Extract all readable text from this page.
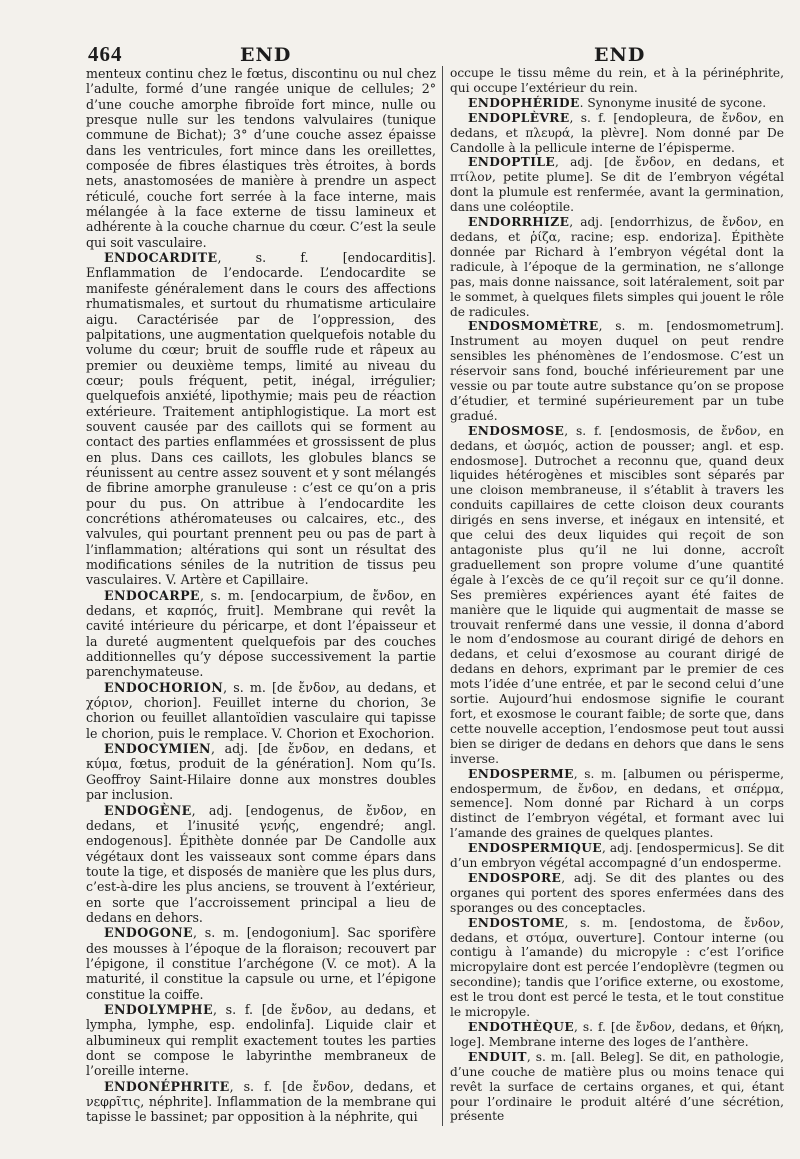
464	END	END

menteux continu chez le fœtus, discontinu ou nul chez l’adulte, formé d’une rangée unique de cellules; 2° d’une couche amorphe fibroïde fort mince, nulle ou presque nulle sur les tendons valvulaires (tunique commune de Bichat); 3° d’une couche assez épaisse dans les ventricules, fort mince dans les oreillettes, composée de fibres élastiques très étroites, à bords nets, anastomosées de manière à prendre un aspect réticulé, couche fort serrée à la face interne, mais mélangée à la face externe de tissu lamineux et adhérente à la couche charnue du cœur. C’est la seule qui soit vasculaire.

ENDOCARDITE, s. f. [endocarditis]. Enflammation de l’endocarde. L’endocardite se manifeste généralement dans le cours des affections rhumatismales, et surtout du rhumatisme articulaire aigu. Caractérisée par de l’oppression, des palpitations, une augmentation quelquefois notable du volume du cœur; bruit de souffle rude et râpeux au premier ou deuxième temps, limité au niveau du cœur; pouls fréquent, petit, inégal, irrégulier; quelquefois anxiété, lipothymie; mais peu de réaction extérieure. Traitement antiphlogistique. La mort est souvent causée par des caillots qui se forment au contact des parties enflammées et grossissent de plus en plus. Dans ces caillots, les globules blancs se réunissent au centre assez souvent et y sont mélangés de fibrine amorphe granuleuse : c’est ce qu’on a pris pour du pus. On attribue à l’endocardite les concrétions athéromateuses ou calcaires, etc., des valvules, qui pourtant prennent peu ou pas de part à l’inflammation; altérations qui sont un résultat des modifications séniles de la nutrition de tissus peu vasculaires. V. Artère et Capillaire.

ENDOCARPE, s. m. [endocarpium, de ἔνδον, en dedans, et καρπός, fruit]. Membrane qui revêt la cavité intérieure du péricarpe, et dont l’épaisseur et la dureté augmentent quelquefois par des couches additionnelles qu’y dépose successivement la partie parenchymateuse.

ENDOCHORION, s. m. [de ἔνδον, au dedans, et χόριον, chorion]. Feuillet interne du chorion, 3e chorion ou feuillet allantoïdien vasculaire qui tapisse le chorion, puis le remplace. V. Chorion et Exochorion.

ENDOCYMIEN, adj. [de ἔνδον, en dedans, et κύμα, fœtus, produit de la génération]. Nom qu’Is. Geoffroy Saint-Hilaire donne aux monstres doubles par inclusion.

ENDOGÈNE, adj. [endogenus, de ἔνδον, en dedans, et l’inusité γενής, engendré; angl. endogenous]. Épithète donnée par De Candolle aux végétaux dont les vaisseaux sont comme épars dans toute la tige, et disposés de manière que les plus durs, c’est-à-dire les plus anciens, se trouvent à l’extérieur, en sorte que l’accroissement principal a lieu de dedans en dehors.

ENDOGONE, s. m. [endogonium]. Sac sporifère des mousses à l’époque de la floraison; recouvert par l’épigone, il constitue l’archégone (V. ce mot). A la maturité, il constitue la capsule ou urne, et l’épigone constitue la coiffe.

ENDOLYMPHE, s. f. [de ἔνδον, au dedans, et lympha, lymphe, esp. endolinfa]. Liquide clair et albumineux qui remplit exactement toutes les parties dont se compose le labyrinthe membraneux de l’oreille interne.

ENDONÉPHRITE, s. f. [de ἔνδον, dedans, et νεφρῖτις, néphrite]. Inflammation de la membrane qui tapisse le bassinet; par opposition à la néphrite, qui

occupe le tissu même du rein, et à la périnéphrite, qui occupe l’extérieur du rein.

ENDOPHÉRIDE. Synonyme inusité de sycone.

ENDOPLÈVRE, s. f. [endopleura, de ἔνδον, en dedans, et πλευρά, la plèvre]. Nom donné par De Candolle à la pellicule interne de l’épisperme.

ENDOPTILE, adj. [de ἔνδον, en dedans, et πτίλον, petite plume]. Se dit de l’embryon végétal dont la plumule est renfermée, avant la germination, dans une coléoptile.

ENDORRHIZE, adj. [endorrhizus, de ἔνδον, en dedans, et ῥίζα, racine; esp. endoriza]. Épithète donnée par Richard à l’embryon végétal dont la radicule, à l’époque de la germination, ne s’allonge pas, mais donne naissance, soit latéralement, soit par le sommet, à quelques filets simples qui jouent le rôle de radicules.

ENDOSMOMÈTRE, s. m. [endosmometrum]. Instrument au moyen duquel on peut rendre sensibles les phénomènes de l’endosmose. C’est un réservoir sans fond, bouché inférieurement par une vessie ou par toute autre substance qu’on se propose d’étudier, et terminé supérieurement par un tube gradué.

ENDOSMOSE, s. f. [endosmosis, de ἔνδον, en dedans, et ὠσμός, action de pousser; angl. et esp. endosmose]. Dutrochet a reconnu que, quand deux liquides hétérogènes et miscibles sont séparés par une cloison membraneuse, il s’établit à travers les conduits capillaires de cette cloison deux courants dirigés en sens inverse, et inégaux en intensité, et que celui des deux liquides qui reçoit de son antagoniste plus qu’il ne lui donne, accroît graduellement son propre volume d’une quantité égale à l’excès de ce qu’il reçoit sur ce qu’il donne. Ses premières expériences ayant été faites de manière que le liquide qui augmentait de masse se trouvait renfermé dans une vessie, il donna d’abord le nom d’endosmose au courant dirigé de dehors en dedans, et celui d’exosmose au courant dirigé de dedans en dehors, exprimant par le premier de ces mots l’idée d’une entrée, et par le second celui d’une sortie. Aujourd’hui endosmose signifie le courant fort, et exosmose le courant faible; de sorte que, dans cette nouvelle acception, l’endosmose peut tout aussi bien se diriger de dedans en dehors que dans le sens inverse.

ENDOSPERME, s. m. [albumen ou périsperme, endospermum, de ἔνδον, en dedans, et σπέρμα, semence]. Nom donné par Richard à un corps distinct de l’embryon végétal, et formant avec lui l’amande des graines de quelques plantes.

ENDOSPERMIQUE, adj. [endospermicus]. Se dit d’un embryon végétal accompagné d’un endosperme.

ENDOSPORE, adj. Se dit des plantes ou des organes qui portent des spores enfermées dans des sporanges ou des conceptacles.

ENDOSTOME, s. m. [endostoma, de ἔνδον, dedans, et στόμα, ouverture]. Contour interne (ou contigu à l’amande) du micropyle : c’est l’orifice micropylaire dont est percée l’endoplèvre (tegmen ou secondine); tandis que l’orifice externe, ou exostome, est le trou dont est percé le testa, et le tout constitue le micropyle.

ENDOTHÈQUE, s. f. [de ἔνδον, dedans, et θήκη, loge]. Membrane interne des loges de l’anthère.

ENDUIT, s. m. [all. Beleg]. Se dit, en pathologie, d’une couche de matière plus ou moins tenace qui revêt la surface de certains organes, et qui, étant pour l’ordinaire le produit altéré d’une sécrétion, présente
